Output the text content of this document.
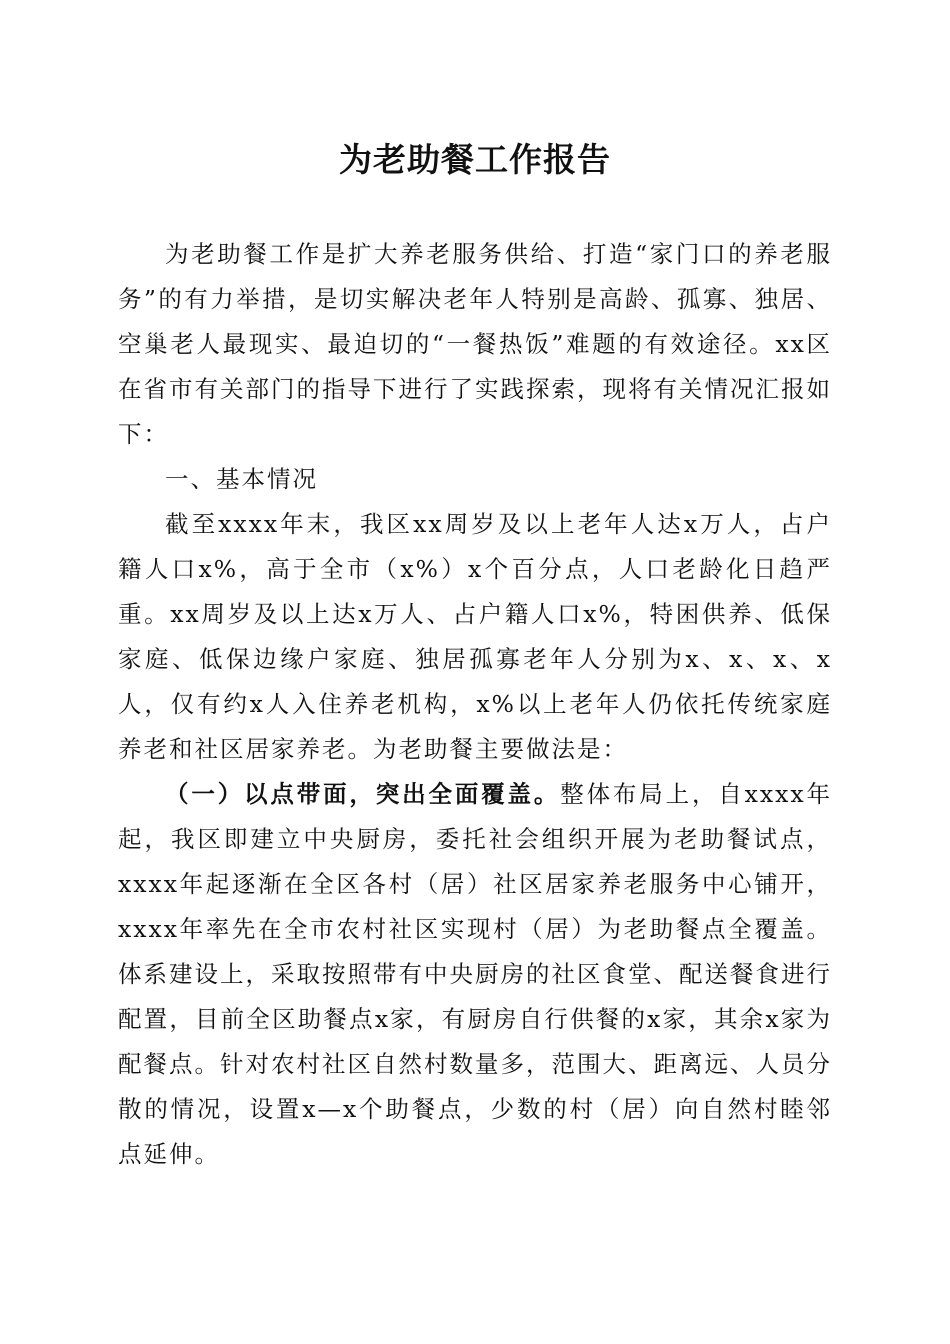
为老助餐工作报告

为老助餐工作是扩大养老服务供给、打造“家门口的养老服务”的有力举措，是切实解决老年人特别是高龄、孤寡、独居、空巢老人最现实、最迫切的“一餐热饭”难题的有效途径。xx区在省市有关部门的指导下进行了实践探索，现将有关情况汇报如下：

一、基本情况

截至xxxx年末，我区xx周岁及以上老年人达x万人，占户籍人口x%，高于全市（x%）x个百分点，人口老龄化日趋严重。xx周岁及以上达x万人、占户籍人口x%，特困供养、低保家庭、低保边缘户家庭、独居孤寡老年人分别为x、x、x、x人，仅有约x人入住养老机构，x%以上老年人仍依托传统家庭养老和社区居家养老。为老助餐主要做法是：

（一）以点带面，突出全面覆盖。整体布局上，自xxxx年起，我区即建立中央厨房，委托社会组织开展为老助餐试点，xxxx年起逐渐在全区各村（居）社区居家养老服务中心铺开，xxxx年率先在全市农村社区实现村（居）为老助餐点全覆盖。体系建设上，采取按照带有中央厨房的社区食堂、配送餐食进行配置，目前全区助餐点x家，有厨房自行供餐的x家，其余x家为配餐点。针对农村社区自然村数量多，范围大、距离远、人员分散的情况，设置x—x个助餐点，少数的村（居）向自然村睦邻点延伸。
